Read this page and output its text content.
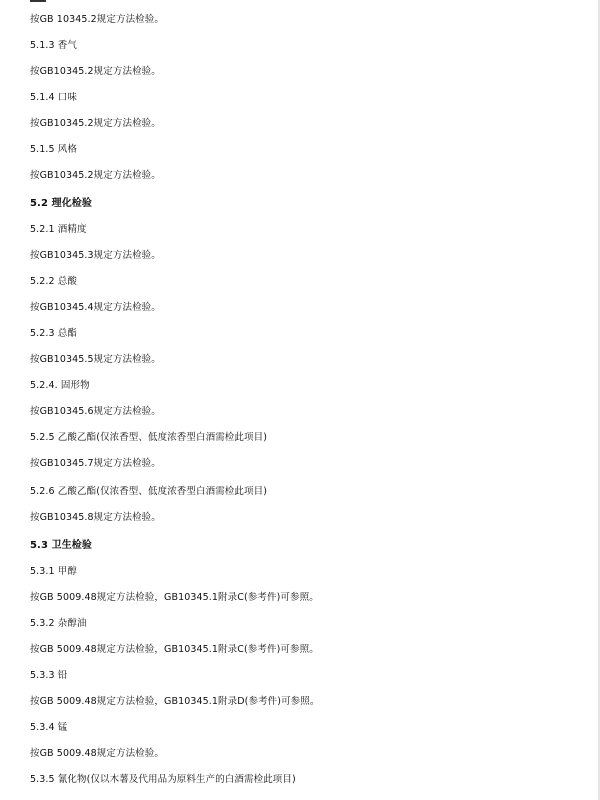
按GB 10345.2规定方法检验。
5.1.3 香气
按GB10345.2规定方法检验。
5.1.4 口味
按GB10345.2规定方法检验。
5.1.5 风格
按GB10345.2规定方法检验。
5.2 理化检验
5.2.1 酒精度
按GB10345.3规定方法检验。
5.2.2 总酸
按GB10345.4规定方法检验。
5.2.3 总酯
按GB10345.5规定方法检验。
5.2.4. 固形物
按GB10345.6规定方法检验。
5.2.5 乙酸乙酯(仅浓香型、低度浓香型白酒需检此项目)
按GB10345.7规定方法检验。
5.2.6 乙酸乙酯(仅浓香型、低度浓香型白酒需检此项目)
按GB10345.8规定方法检验。
5.3 卫生检验
5.3.1 甲醇
按GB 5009.48规定方法检验，GB10345.1附录C(参考件)可参照。
5.3.2 杂醇油
按GB 5009.48规定方法检验，GB10345.1附录C(参考件)可参照。
5.3.3 铅
按GB 5009.48规定方法检验，GB10345.1附录D(参考件)可参照。
5.3.4 锰
按GB 5009.48规定方法检验。
5.3.5 氰化物(仅以木薯及代用品为原料生产的白酒需检此项目)
